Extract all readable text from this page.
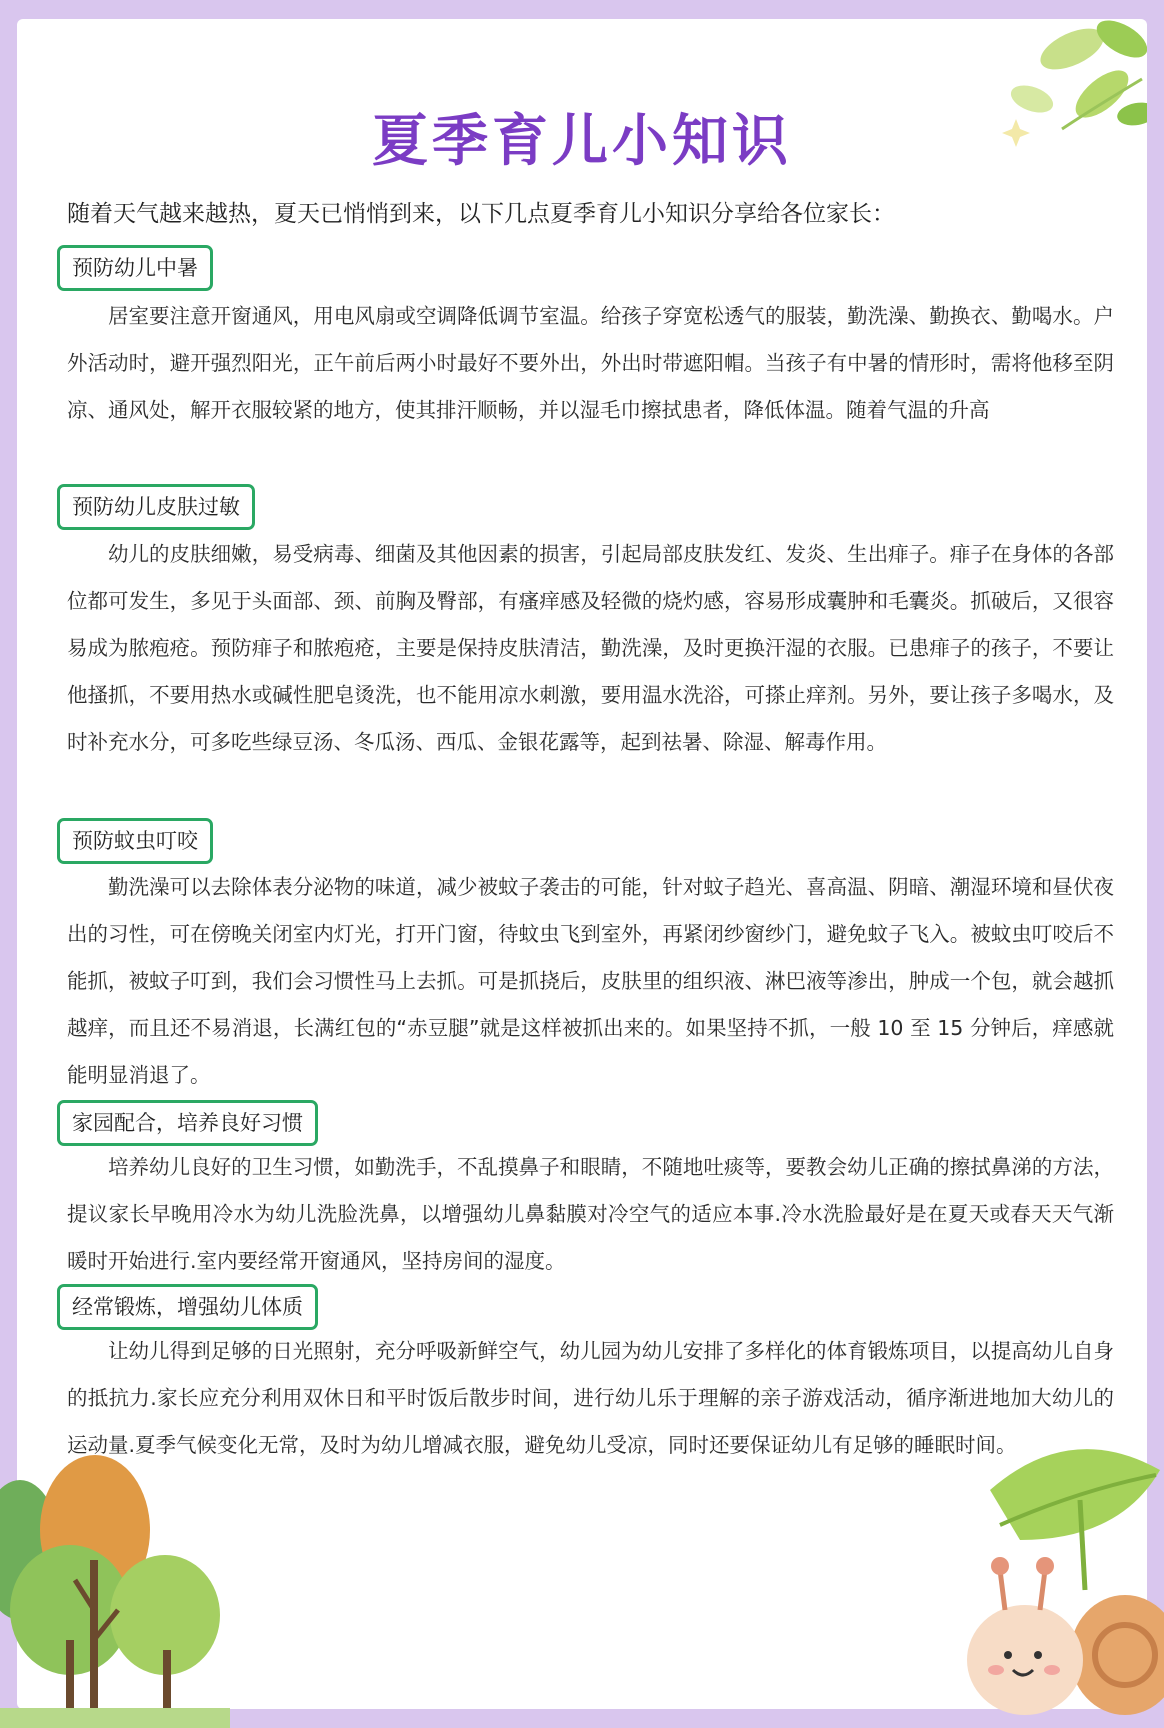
夏季育儿小知识
随着天气越来越热，夏天已悄悄到来，以下几点夏季育儿小知识分享给各位家长：
预防幼儿中暑
居室要注意开窗通风，用电风扇或空调降低调节室温。给孩子穿宽松透气的服装，勤洗澡、勤换衣、勤喝水。户外活动时，避开强烈阳光，正午前后两小时最好不要外出，外出时带遮阳帽。当孩子有中暑的情形时，需将他移至阴凉、通风处，解开衣服较紧的地方，使其排汗顺畅，并以湿毛巾擦拭患者，降低体温。随着气温的升高
预防幼儿皮肤过敏
幼儿的皮肤细嫩，易受病毒、细菌及其他因素的损害，引起局部皮肤发红、发炎、生出痱子。痱子在身体的各部位都可发生，多见于头面部、颈、前胸及臀部，有瘙痒感及轻微的烧灼感，容易形成囊肿和毛囊炎。抓破后，又很容易成为脓疱疮。预防痱子和脓疱疮，主要是保持皮肤清洁，勤洗澡，及时更换汗湿的衣服。已患痱子的孩子，不要让他搔抓，不要用热水或碱性肥皂烫洗，也不能用凉水刺激，要用温水洗浴，可搽止痒剂。另外，要让孩子多喝水，及时补充水分，可多吃些绿豆汤、冬瓜汤、西瓜、金银花露等，起到祛暑、除湿、解毒作用。
预防蚊虫叮咬
勤洗澡可以去除体表分泌物的味道，减少被蚊子袭击的可能，针对蚊子趋光、喜高温、阴暗、潮湿环境和昼伏夜出的习性，可在傍晚关闭室内灯光，打开门窗，待蚊虫飞到室外，再紧闭纱窗纱门，避免蚊子飞入。被蚊虫叮咬后不能抓，被蚊子叮到，我们会习惯性马上去抓。可是抓挠后，皮肤里的组织液、淋巴液等渗出，肿成一个包，就会越抓越痒，而且还不易消退，长满红包的“赤豆腿”就是这样被抓出来的。如果坚持不抓，一般 10 至 15 分钟后，痒感就能明显消退了。
家园配合，培养良好习惯
培养幼儿良好的卫生习惯，如勤洗手，不乱摸鼻子和眼睛，不随地吐痰等，要教会幼儿正确的擦拭鼻涕的方法，提议家长早晚用冷水为幼儿洗脸洗鼻，以增强幼儿鼻黏膜对冷空气的适应本事.冷水洗脸最好是在夏天或春天天气渐暖时开始进行.室内要经常开窗通风，坚持房间的湿度。
经常锻炼，增强幼儿体质
让幼儿得到足够的日光照射，充分呼吸新鲜空气，幼儿园为幼儿安排了多样化的体育锻炼项目，以提高幼儿自身的抵抗力.家长应充分利用双休日和平时饭后散步时间，进行幼儿乐于理解的亲子游戏活动，循序渐进地加大幼儿的运动量.夏季气候变化无常，及时为幼儿增减衣服，避免幼儿受凉，同时还要保证幼儿有足够的睡眠时间。
小红书
